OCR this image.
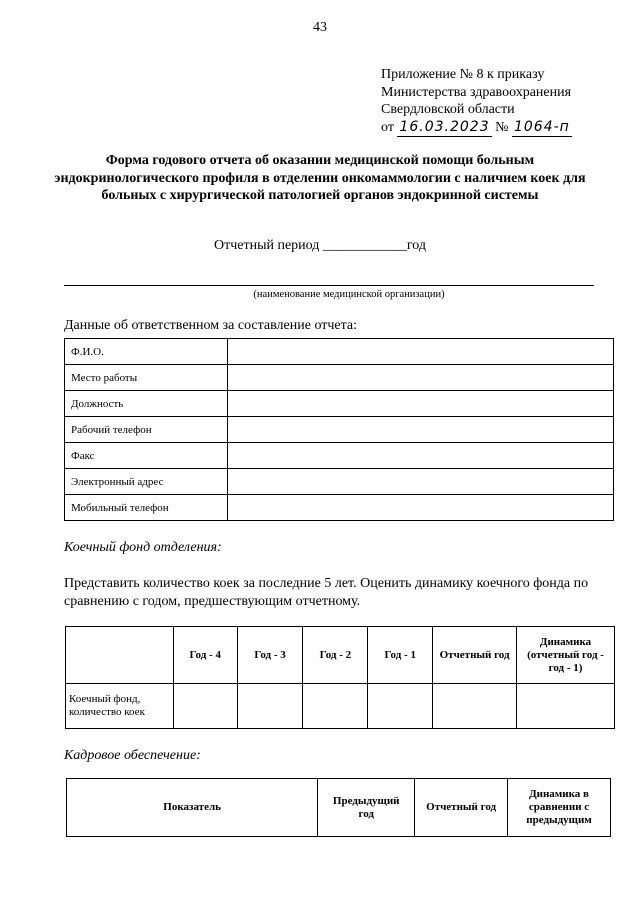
43
Приложение № 8 к приказу
Министерства здравоохранения
Свердловской области
от 16.03.2023 № 1064-п
Форма годового отчета об оказании медицинской помощи больным эндокринологического профиля в отделении онкомаммологии с наличием коек для больных с хирургической патологией органов эндокринной системы
Отчетный период ____________год
(наименование медицинской организации)
Данные об ответственном за составление отчета:
Ф.И.О.	
Место работы	
Должность	
Рабочий телефон	
Факс	
Электронный адрес	
Мобильный телефон	
Коечный фонд отделения:
Представить количество коек за последние 5 лет. Оценить динамику коечного фонда по сравнению с годом, предшествующим отчетному.
	Год - 4	Год - 3	Год - 2	Год - 1	Отчетный год	Динамика (отчетный год - год - 1)
Коечный фонд, количество коек						
Кадровое обеспечение:
Показатель	Предыдущий год	Отчетный год	Динамика в сравнении с предыдущим
